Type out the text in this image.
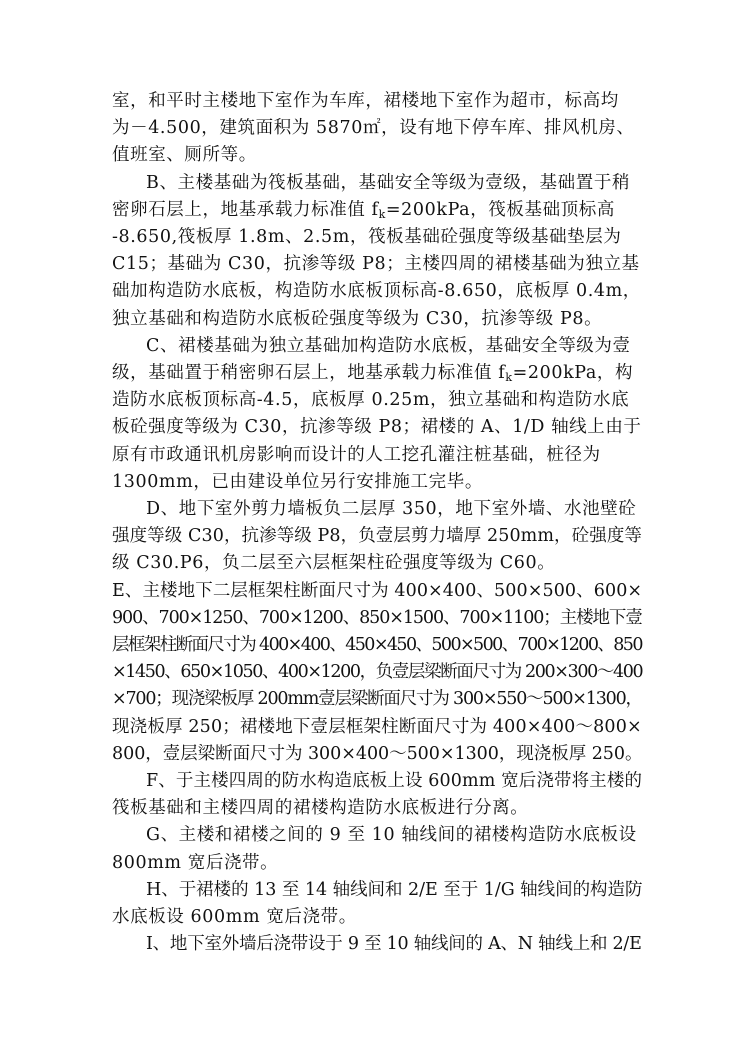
室，和平时主楼地下室作为车库，裙楼地下室作为超市，标高均

为－4.500，建筑面积为 5870㎡，设有地下停车库、排风机房、

值班室、厕所等。

B、主楼基础为筏板基础，基础安全等级为壹级，基础置于稍

密卵石层上，地基承载力标准值 $f_k=200kPa$，筏板基础顶标高

-8.650,筏板厚 1.8m、2.5m，筏板基础砼强度等级基础垫层为

C15；基础为 C30，抗渗等级 P8；主楼四周的裙楼基础为独立基

础加构造防水底板，构造防水底板顶标高-8.650，底板厚 0.4m，

独立基础和构造防水底板砼强度等级为 C30，抗渗等级 P8。

C、裙楼基础为独立基础加构造防水底板，基础安全等级为壹

级，基础置于稍密卵石层上，地基承载力标准值 $f_k=200kPa$，构

造防水底板顶标高-4.5，底板厚 0.25m，独立基础和构造防水底

板砼强度等级为 C30，抗渗等级 P8；裙楼的 A、1/D 轴线上由于

原有市政通讯机房影响而设计的人工挖孔灌注桩基础，桩径为

1300mm，已由建设单位另行安排施工完毕。

D、地下室外剪力墙板负二层厚 350，地下室外墙、水池壁砼

强度等级 C30，抗渗等级 P8，负壹层剪力墙厚 250mm，砼强度等

级 C30.P6，负二层至六层框架柱砼强度等级为 C60。

E、主楼地下二层框架柱断面尺寸为 400×400、500×500、600×

900、700×1250、700×1200、850×1500、700×1100；主楼地下壹

层框架柱断面尺寸为 400×400、450×450、500×500、700×1200、850

×1450、650×1050、400×1200，负壹层梁断面尺寸为 200×300～400

×700；现浇梁板厚 200mm壹层梁断面尺寸为 300×550～500×1300，

现浇板厚 250；裙楼地下壹层框架柱断面尺寸为 400×400～800×

800，壹层梁断面尺寸为 300×400～500×1300，现浇板厚 250。

F、于主楼四周的防水构造底板上设 600mm 宽后浇带将主楼的

筏板基础和主楼四周的裙楼构造防水底板进行分离。

G、主楼和裙楼之间的 9 至 10 轴线间的裙楼构造防水底板设

800mm 宽后浇带。

H、于裙楼的 13 至 14 轴线间和 2/E 至于 1/G 轴线间的构造防

水底板设 600mm 宽后浇带。

I、地下室外墙后浇带设于 9 至 10 轴线间的 A、N 轴线上和 2/E
